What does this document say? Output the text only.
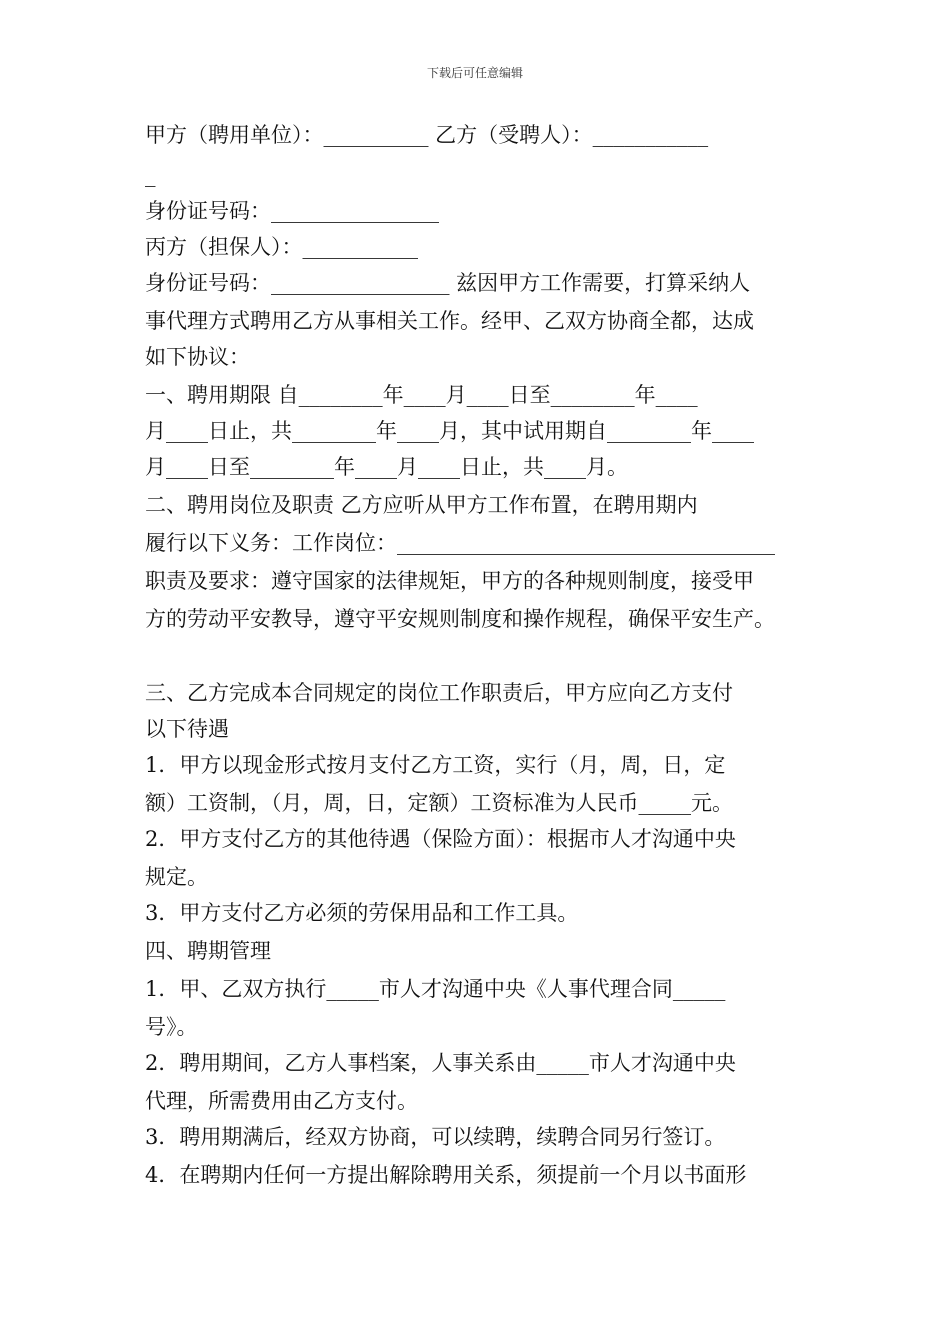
下载后可任意编辑
甲方（聘用单位）：__________ 乙方（受聘人）：___________
_
身份证号码：________________
丙方（担保人）：___________
身份证号码：_________________ 兹因甲方工作需要，打算采纳人
事代理方式聘用乙方从事相关工作。经甲、乙双方协商全都，达成
如下协议：
一、聘用期限 自________年____月____日至________年____
月____日止，共________年____月，其中试用期自________年____
月____日至________年____月____日止，共____月。
二、聘用岗位及职责 乙方应听从甲方工作布置，在聘用期内
履行以下义务：工作岗位：____________________________________
职责及要求：遵守国家的法律规矩，甲方的各种规则制度，接受甲
方的劳动平安教导，遵守平安规则制度和操作规程，确保平安生产。
三、乙方完成本合同规定的岗位工作职责后，甲方应向乙方支付
以下待遇
1．甲方以现金形式按月支付乙方工资，实行（月，周，日，定
额）工资制，（月，周，日，定额）工资标准为人民币_____元。
2．甲方支付乙方的其他待遇（保险方面）：根据市人才沟通中央
规定。
3．甲方支付乙方必须的劳保用品和工作工具。
四、聘期管理
1．甲、乙双方执行_____市人才沟通中央《人事代理合同_____
号》。
2．聘用期间，乙方人事档案，人事关系由_____市人才沟通中央
代理，所需费用由乙方支付。
3．聘用期满后，经双方协商，可以续聘，续聘合同另行签订。
4．在聘期内任何一方提出解除聘用关系，须提前一个月以书面形
